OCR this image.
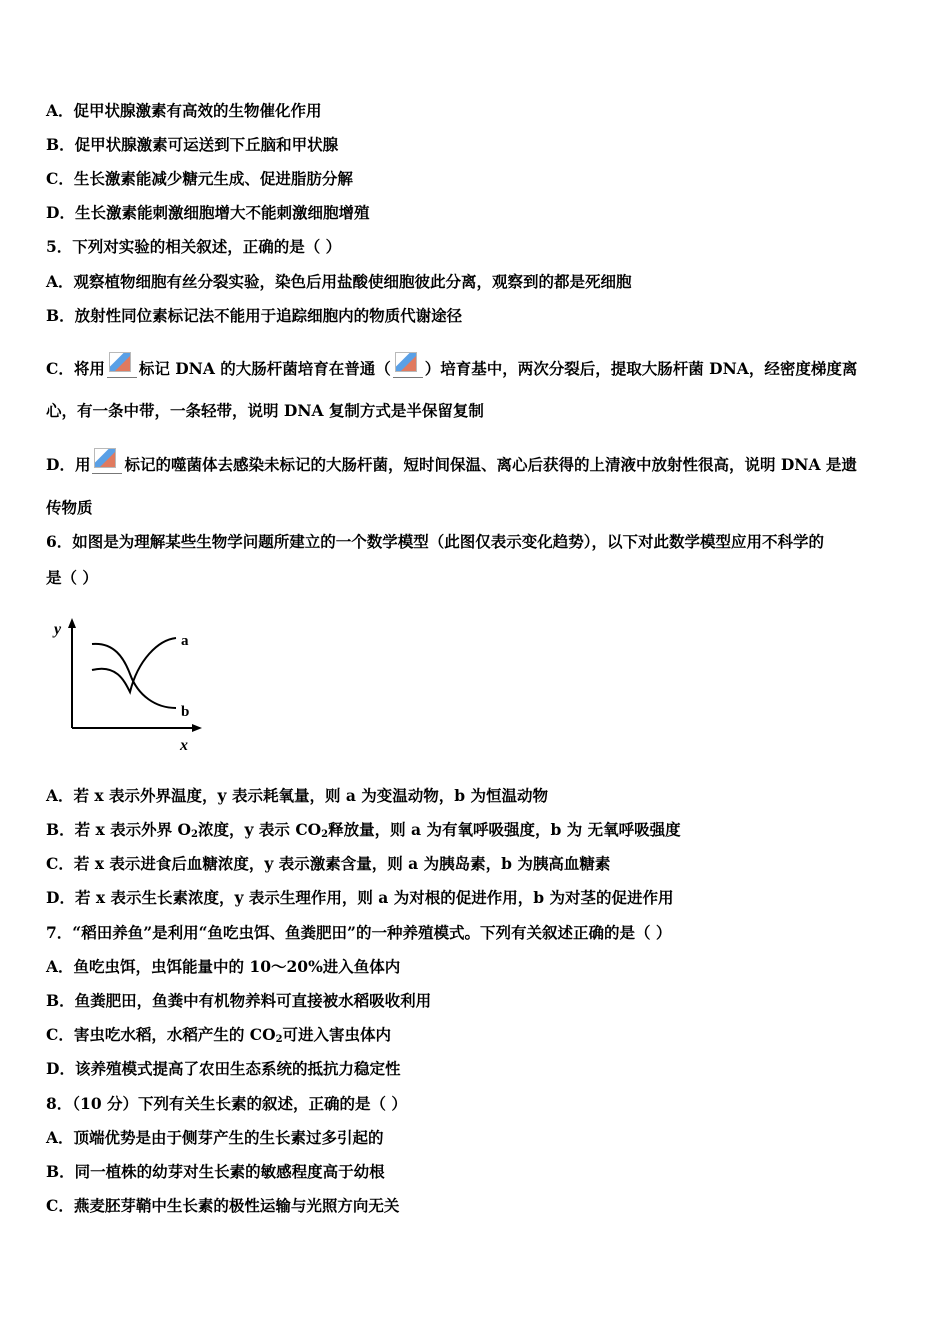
A．促甲状腺激素有高效的生物催化作用
B．促甲状腺激素可运送到下丘脑和甲状腺
C．生长激素能减少糖元生成、促进脂肪分解
D．生长激素能刺激细胞增大不能刺激细胞增殖
5．下列对实验的相关叙述，正确的是（ ）
A．观察植物细胞有丝分裂实验，染色后用盐酸使细胞彼此分离，观察到的都是死细胞
B．放射性同位素标记法不能用于追踪细胞内的物质代谢途径
C．将用 标记 DNA 的大肠杆菌培育在普通（ ）培育基中，两次分裂后，提取大肠杆菌 DNA，经密度梯度离
心，有一条中带，一条轻带，说明 DNA 复制方式是半保留复制
D．用 标记的噬菌体去感染未标记的大肠杆菌，短时间保温、离心后获得的上清液中放射性很高，说明 DNA 是遗
传物质
6．如图是为理解某些生物学问题所建立的一个数学模型（此图仅表示变化趋势），以下对此数学模型应用不科学的
是（ ）
y
x
a
b
A．若 x 表示外界温度，y 表示耗氧量，则 a 为变温动物，b 为恒温动物
B．若 x 表示外界 $O_2$浓度，y 表示 $CO_2$释放量，则 a 为有氧呼吸强度，b 为 无氧呼吸强度
C．若 x 表示进食后血糖浓度，y 表示激素含量，则 a 为胰岛素，b 为胰高血糖素
D．若 x 表示生长素浓度，y 表示生理作用，则 a 为对根的促进作用，b 为对茎的促进作用
7．“稻田养鱼”是利用“鱼吃虫饵、鱼粪肥田”的一种养殖模式。下列有关叙述正确的是（ ）
A．鱼吃虫饵，虫饵能量中的 10～20%进入鱼体内
B．鱼粪肥田，鱼粪中有机物养料可直接被水稻吸收利用
C．害虫吃水稻，水稻产生的 $CO_2$可进入害虫体内
D．该养殖模式提高了农田生态系统的抵抗力稳定性
8．（10 分）下列有关生长素的叙述，正确的是（ ）
A．顶端优势是由于侧芽产生的生长素过多引起的
B．同一植株的幼芽对生长素的敏感程度高于幼根
C．燕麦胚芽鞘中生长素的极性运输与光照方向无关
